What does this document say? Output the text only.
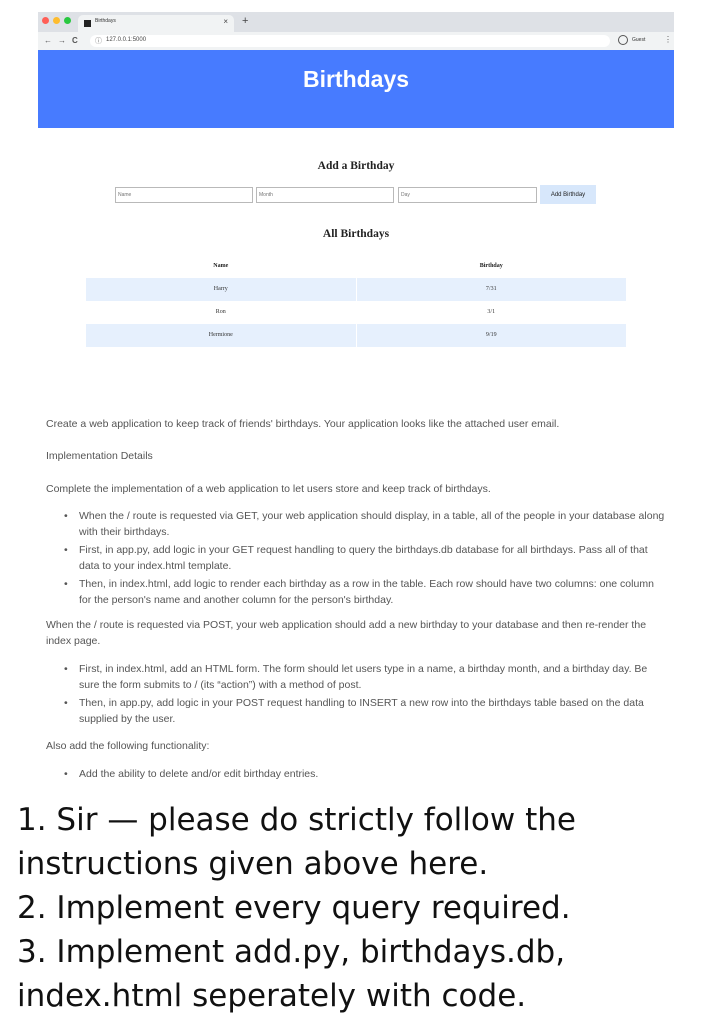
Birthdays	× +
← → C ⓘ 127.0.0.1:5000	Guest ⋮
Birthdays
Add a Birthday
Name
Month
Day
Add Birthday
All Birthdays
Name	Birthday
Harry	7/31
Ron	3/1
Hermione	9/19

Create a web application to keep track of friends' birthdays. Your application looks like the attached user email.

Implementation Details

Complete the implementation of a web application to let users store and keep track of birthdays.

• When the / route is requested via GET, your web application should display, in a table, all of the people in your database along with their birthdays.
• First, in app.py, add logic in your GET request handling to query the birthdays.db database for all birthdays. Pass all of that data to your index.html template.
• Then, in index.html, add logic to render each birthday as a row in the table. Each row should have two columns: one column for the person's name and another column for the person's birthday.

When the / route is requested via POST, your web application should add a new birthday to your database and then re-render the index page.

• First, in index.html, add an HTML form. The form should let users type in a name, a birthday month, and a birthday day. Be sure the form submits to / (its “action”) with a method of post.
• Then, in app.py, add logic in your POST request handling to INSERT a new row into the birthdays table based on the data supplied by the user.

Also add the following functionality:

• Add the ability to delete and/or edit birthday entries.
1. Sir — please do strictly follow the instructions given above here.
2. Implement every query required.
3. Implement add.py, birthdays.db, index.html seperately with code.
